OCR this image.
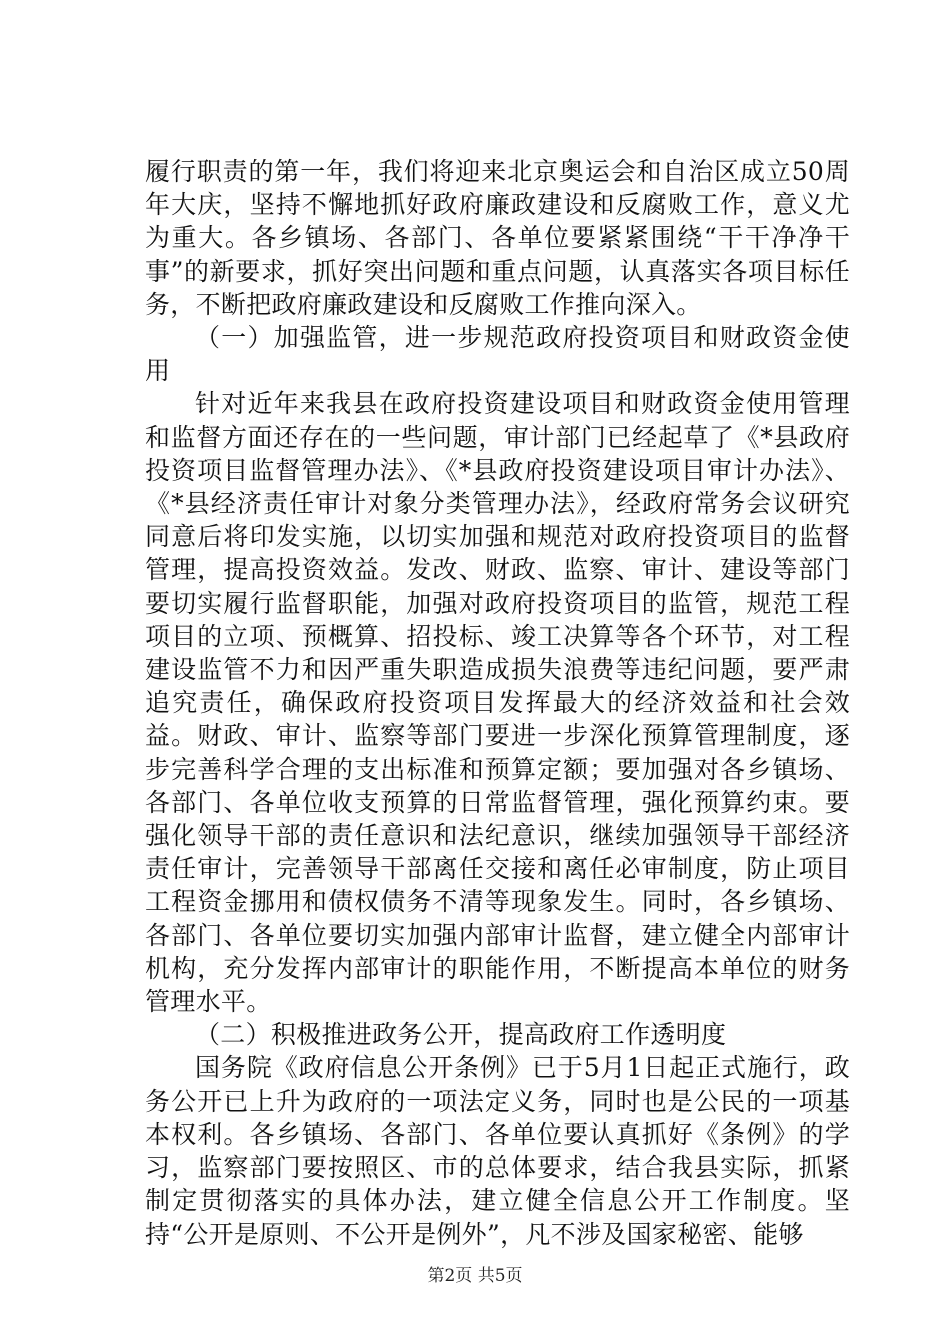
履行职责的第一年，我们将迎来北京奥运会和自治区成立50周年大庆，坚持不懈地抓好政府廉政建设和反腐败工作，意义尤为重大。各乡镇场、各部门、各单位要紧紧围绕“干干净净干事”的新要求，抓好突出问题和重点问题，认真落实各项目标任务，不断把政府廉政建设和反腐败工作推向深入。

（一）加强监管，进一步规范政府投资项目和财政资金使用

针对近年来我县在政府投资建设项目和财政资金使用管理和监督方面还存在的一些问题，审计部门已经起草了《*县政府投资项目监督管理办法》、《*县政府投资建设项目审计办法》、《*县经济责任审计对象分类管理办法》，经政府常务会议研究同意后将印发实施，以切实加强和规范对政府投资项目的监督管理，提高投资效益。发改、财政、监察、审计、建设等部门要切实履行监督职能，加强对政府投资项目的监管，规范工程项目的立项、预概算、招投标、竣工决算等各个环节，对工程建设监管不力和因严重失职造成损失浪费等违纪问题，要严肃追究责任，确保政府投资项目发挥最大的经济效益和社会效益。财政、审计、监察等部门要进一步深化预算管理制度，逐步完善科学合理的支出标准和预算定额；要加强对各乡镇场、各部门、各单位收支预算的日常监督管理，强化预算约束。要强化领导干部的责任意识和法纪意识，继续加强领导干部经济责任审计，完善领导干部离任交接和离任必审制度，防止项目工程资金挪用和债权债务不清等现象发生。同时，各乡镇场、各部门、各单位要切实加强内部审计监督，建立健全内部审计机构，充分发挥内部审计的职能作用，不断提高本单位的财务管理水平。

（二）积极推进政务公开，提高政府工作透明度

国务院《政府信息公开条例》已于5月1日起正式施行，政务公开已上升为政府的一项法定义务，同时也是公民的一项基本权利。各乡镇场、各部门、各单位要认真抓好《条例》的学习，监察部门要按照区、市的总体要求，结合我县实际，抓紧制定贯彻落实的具体办法，建立健全信息公开工作制度。坚持“公开是原则、不公开是例外”，凡不涉及国家秘密、能够

第2页 共5页
